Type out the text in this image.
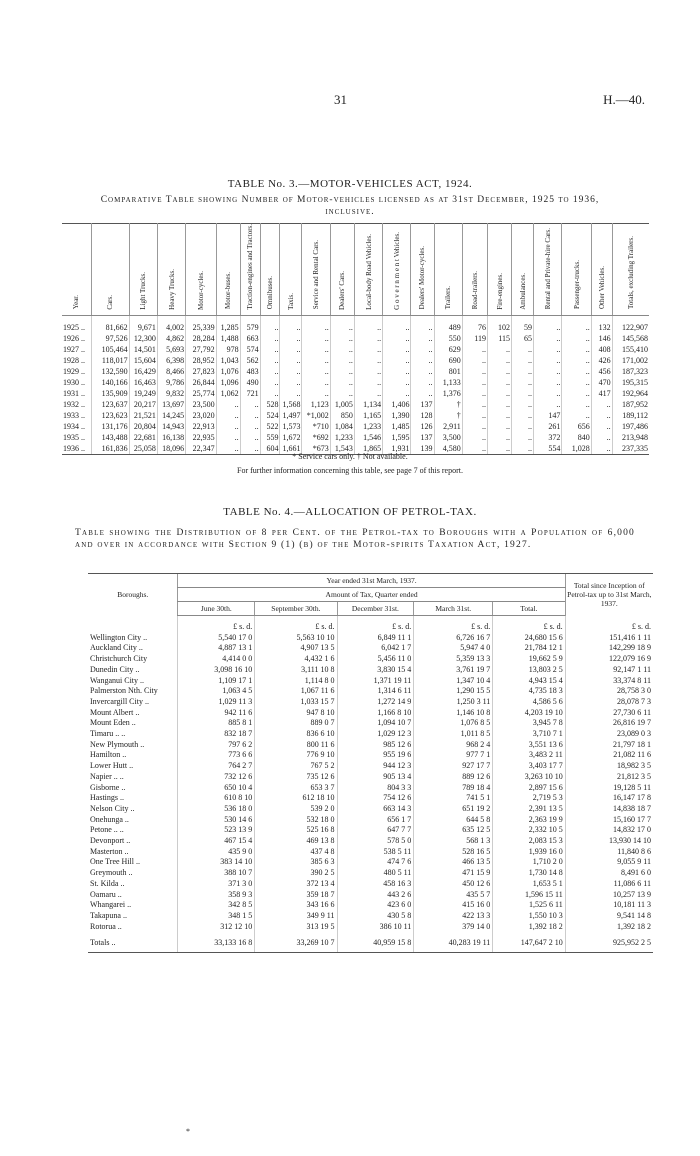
31	H.—40.
TABLE No. 3.—MOTOR-VEHICLES ACT, 1924.
Comparative Table showing Number of Motor-vehicles licensed as at 31st December, 1925 to 1936, inclusive.
Year.	Cars.	Light Trucks.	Heavy Trucks.	Motor-cycles.	Motor-buses.	Traction-engines and Tractors.	Omnibuses.	Taxis.	Service and Rental Cars.	Dealers' Cars.	Local-body Road Vehicles.	G o v e r n m e n t Vehicles.	Dealers' Motor-cycles.	Trailers.	Road-trailers.	Fire-engines.	Ambulances.	Rental and Private-hire Cars.	Passenger-trucks.	Other Vehicles.	Totals, excluding Trailers.
1925 ..	81,662	9,671	4,002	25,339	1,285	579	..	..	..	..	..	..	..	489	76	102	59	..	..	132	122,907
1926 ..	97,526	12,300	4,862	28,284	1,488	663	..	..	..	..	..	..	..	550	119	115	65	..	..	146	145,568
1927 ..	105,464	14,501	5,693	27,792	978	574	..	..	..	..	..	..	..	629	..	..	..	..	..	408	155,410
1928 ..	118,017	15,604	6,398	28,952	1,043	562	..	..	..	..	..	..	..	690	..	..	..	..	..	426	171,002
1929 ..	132,590	16,429	8,466	27,823	1,076	483	..	..	..	..	..	..	..	801	..	..	..	..	..	456	187,323
1930 ..	140,166	16,463	9,786	26,844	1,096	490	..	..	..	..	..	..	..	1,133	..	..	..	..	..	470	195,315
1931 ..	135,909	19,249	9,832	25,774	1,062	721	..	..	..	..	..	..	..	1,376	..	..	..	..	..	417	192,964
1932 ..	123,637	20,217	13,697	23,500	..	..	528	1,568	1,123	1,005	1,134	1,406	137	†	..	..	..	..	..	..	187,952
1933 ..	123,623	21,521	14,245	23,020	..	..	524	1,497	*1,002	850	1,165	1,390	128	†	..	..	..	147	..	..	189,112
1934 ..	131,176	20,804	14,943	22,913	..	..	522	1,573	*710	1,084	1,233	1,485	126	2,911	..	..	..	261	656	..	197,486
1935 ..	143,488	22,681	16,138	22,935	..	..	559	1,672	*692	1,233	1,546	1,595	137	3,500	..	..	..	372	840	..	213,948
1936 ..	161,836	25,058	18,096	22,347	..	..	604	1,661	*673	1,543	1,865	1,931	139	4,580	..	..	..	554	1,028	..	237,335
* Service cars only. † Not available.
For further information concerning this table, see page 7 of this report.
TABLE No. 4.—ALLOCATION OF PETROL-TAX.
Table showing the Distribution of 8 per Cent. of the Petrol-tax to Boroughs with a Population of 6,000 and over in accordance with Section 9 (1) (b) of the Motor-spirits Taxation Act, 1927.
Boroughs.	Year ended 31st March, 1937.					Total since Inception of Petrol-tax up to 31st March, 1937.
	Amount of Tax, Quarter ended					
	June 30th.	September 30th.	December 31st.	March 31st.	Total.	
	£ s. d.	£ s. d.	£ s. d.	£ s. d.	£ s. d.	£ s. d.
Wellington City ..	5,540 17 0	5,563 10 10	6,849 11 1	6,726 16 7	24,680 15 6	151,416 1 11
Auckland City ..	4,887 13 1	4,907 13 5	6,042 1 7	5,947 4 0	21,784 12 1	142,299 18 9
Christchurch City	4,414 0 0	4,432 1 6	5,456 11 0	5,359 13 3	19,662 5 9	122,079 16 9
Dunedin City ..	3,098 16 10	3,111 10 8	3,830 15 4	3,761 19 7	13,803 2 5	92,147 1 11
Wanganui City ..	1,109 17 1	1,114 8 0	1,371 19 11	1,347 10 4	4,943 15 4	33,374 8 11
Palmerston Nth. City	1,063 4 5	1,067 11 6	1,314 6 11	1,290 15 5	4,735 18 3	28,758 3 0
Invercargill City ..	1,029 11 3	1,033 15 7	1,272 14 9	1,250 3 11	4,586 5 6	28,078 7 3
Mount Albert ..	942 11 6	947 8 10	1,166 8 10	1,146 10 8	4,203 19 10	27,730 6 11
Mount Eden ..	885 8 1	889 0 7	1,094 10 7	1,076 8 5	3,945 7 8	26,816 19 7
Timaru .. ..	832 18 7	836 6 10	1,029 12 3	1,011 8 5	3,710 7 1	23,089 0 3
New Plymouth ..	797 6 2	800 11 6	985 12 6	968 2 4	3,551 13 6	21,797 18 1
Hamilton ..	773 6 6	776 9 10	955 19 6	977 7 1	3,483 2 11	21,082 11 6
Lower Hutt ..	764 2 7	767 5 2	944 12 3	927 17 7	3,403 17 7	18,982 3 5
Napier .. ..	732 12 6	735 12 6	905 13 4	889 12 6	3,263 10 10	21,812 3 5
Gisborne ..	650 10 4	653 3 7	804 3 3	789 18 4	2,897 15 6	19,128 5 11
Hastings ..	610 8 10	612 18 10	754 12 6	741 5 1	2,719 5 3	16,147 17 8
Nelson City ..	536 18 0	539 2 0	663 14 3	651 19 2	2,391 13 5	14,838 18 7
Onehunga ..	530 14 6	532 18 0	656 1 7	644 5 8	2,363 19 9	15,160 17 7
Petone .. ..	523 13 9	525 16 8	647 7 7	635 12 5	2,332 10 5	14,832 17 0
Devonport ..	467 15 4	469 13 8	578 5 0	568 1 3	2,083 15 3	13,930 14 10
Masterton ..	435 9 0	437 4 8	538 5 11	528 16 5	1,939 16 0	11,840 8 6
One Tree Hill ..	383 14 10	385 6 3	474 7 6	466 13 5	1,710 2 0	9,055 9 11
Greymouth ..	388 10 7	390 2 5	480 5 11	471 15 9	1,730 14 8	8,491 6 0
St. Kilda ..	371 3 0	372 13 4	458 16 3	450 12 6	1,653 5 1	11,086 6 11
Oamaru ..	358 9 3	359 18 7	443 2 6	435 5 7	1,596 15 11	10,257 13 9
Whangarei ..	342 8 5	343 16 6	423 6 0	415 16 0	1,525 6 11	10,181 11 3
Takapuna ..	348 1 5	349 9 11	430 5 8	422 13 3	1,550 10 3	9,541 14 8
Rotorua ..	312 12 10	313 19 5	386 10 11	379 14 0	1,392 18 2	1,392 18 2
Totals ..	33,133 16 8	33,269 10 7	40,959 15 8	40,283 19 11	147,647 2 10	925,952 2 5
*
